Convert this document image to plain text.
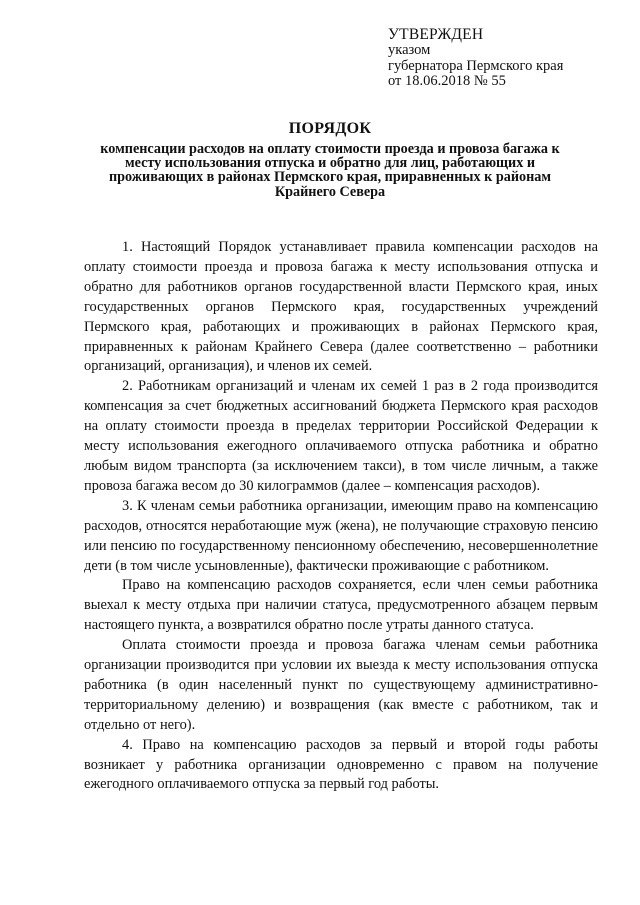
УТВЕРЖДЕН
указом
губернатора Пермского края
от 18.06.2018 № 55
ПОРЯДОК
компенсации расходов на оплату стоимости проезда и провоза багажа к месту использования отпуска и обратно для лиц, работающих и проживающих в районах Пермского края, приравненных к районам Крайнего Севера

1. Настоящий Порядок устанавливает правила компенсации расходов на оплату стоимости проезда и провоза багажа к месту использования отпуска и обратно для работников органов государственной власти Пермского края, иных государственных органов Пермского края, государственных учреждений Пермского края, работающих и проживающих в районах Пермского края, приравненных к районам Крайнего Севера (далее соответственно – работники организаций, организация), и членов их семей.

2. Работникам организаций и членам их семей 1 раз в 2 года производится компенсация за счет бюджетных ассигнований бюджета Пермского края расходов на оплату стоимости проезда в пределах территории Российской Федерации к месту использования ежегодного оплачиваемого отпуска работника и обратно любым видом транспорта (за исключением такси), в том числе личным, а также провоза багажа весом до 30 килограммов (далее – компенсация расходов).

3. К членам семьи работника организации, имеющим право на компенсацию расходов, относятся неработающие муж (жена), не получающие страховую пенсию или пенсию по государственному пенсионному обеспечению, несовершеннолетние дети (в том числе усыновленные), фактически проживающие с работником.

Право на компенсацию расходов сохраняется, если член семьи работника выехал к месту отдыха при наличии статуса, предусмотренного абзацем первым настоящего пункта, а возвратился обратно после утраты данного статуса.

Оплата стоимости проезда и провоза багажа членам семьи работника организации производится при условии их выезда к месту использования отпуска работника (в один населенный пункт по существующему административно-территориальному делению) и возвращения (как вместе с работником, так и отдельно от него).

4. Право на компенсацию расходов за первый и второй годы работы возникает у работника организации одновременно с правом на получение ежегодного оплачиваемого отпуска за первый год работы.
